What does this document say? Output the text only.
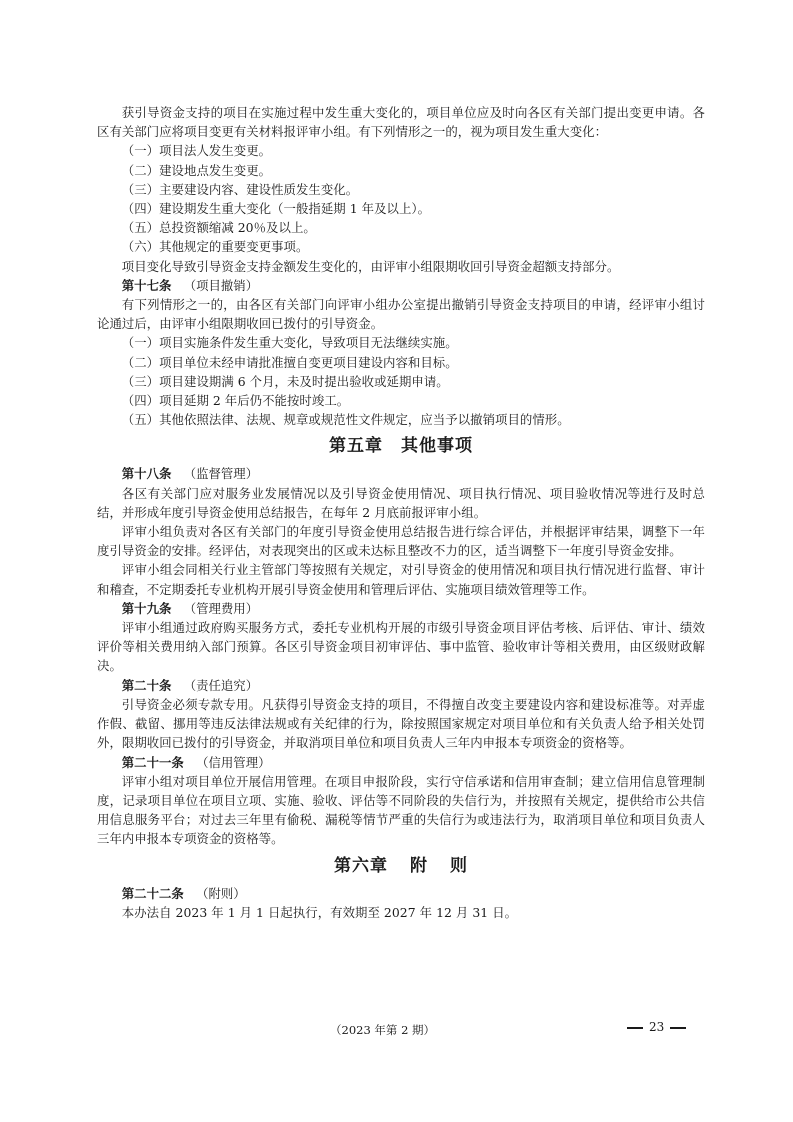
获引导资金支持的项目在实施过程中发生重大变化的，项目单位应及时向各区有关部门提出变更申请。各区有关部门应将项目变更有关材料报评审小组。有下列情形之一的，视为项目发生重大变化：

（一）项目法人发生变更。

（二）建设地点发生变更。

（三）主要建设内容、建设性质发生变化。

（四）建设期发生重大变化（一般指延期 1 年及以上）。

（五）总投资额缩减 20％及以上。

（六）其他规定的重要变更事项。

项目变化导致引导资金支持金额发生变化的，由评审小组限期收回引导资金超额支持部分。

第十七条 （项目撤销）

有下列情形之一的，由各区有关部门向评审小组办公室提出撤销引导资金支持项目的申请，经评审小组讨论通过后，由评审小组限期收回已拨付的引导资金。

（一）项目实施条件发生重大变化，导致项目无法继续实施。

（二）项目单位未经申请批准擅自变更项目建设内容和目标。

（三）项目建设期满 6 个月，未及时提出验收或延期申请。

（四）项目延期 2 年后仍不能按时竣工。

（五）其他依照法律、法规、规章或规范性文件规定，应当予以撤销项目的情形。

第五章 其他事项

第十八条 （监督管理）

各区有关部门应对服务业发展情况以及引导资金使用情况、项目执行情况、项目验收情况等进行及时总结，并形成年度引导资金使用总结报告，在每年 2 月底前报评审小组。

评审小组负责对各区有关部门的年度引导资金使用总结报告进行综合评估，并根据评审结果，调整下一年度引导资金的安排。经评估，对表现突出的区或未达标且整改不力的区，适当调整下一年度引导资金安排。

评审小组会同相关行业主管部门等按照有关规定，对引导资金的使用情况和项目执行情况进行监督、审计和稽查，不定期委托专业机构开展引导资金使用和管理后评估、实施项目绩效管理等工作。

第十九条 （管理费用）

评审小组通过政府购买服务方式，委托专业机构开展的市级引导资金项目评估考核、后评估、审计、绩效评价等相关费用纳入部门预算。各区引导资金项目初审评估、事中监管、验收审计等相关费用，由区级财政解决。

第二十条 （责任追究）

引导资金必须专款专用。凡获得引导资金支持的项目，不得擅自改变主要建设内容和建设标准等。对弄虚作假、截留、挪用等违反法律法规或有关纪律的行为，除按照国家规定对项目单位和有关负责人给予相关处罚外，限期收回已拨付的引导资金，并取消项目单位和项目负责人三年内申报本专项资金的资格等。

第二十一条 （信用管理）

评审小组对项目单位开展信用管理。在项目申报阶段，实行守信承诺和信用审查制；建立信用信息管理制度，记录项目单位在项目立项、实施、验收、评估等不同阶段的失信行为，并按照有关规定，提供给市公共信用信息服务平台；对过去三年里有偷税、漏税等情节严重的失信行为或违法行为，取消项目单位和项目负责人三年内申报本专项资金的资格等。

第六章 附 则

第二十二条 （附则）

本办法自 2023 年 1 月 1 日起执行，有效期至 2027 年 12 月 31 日。

（2023 年第 2 期）	23
